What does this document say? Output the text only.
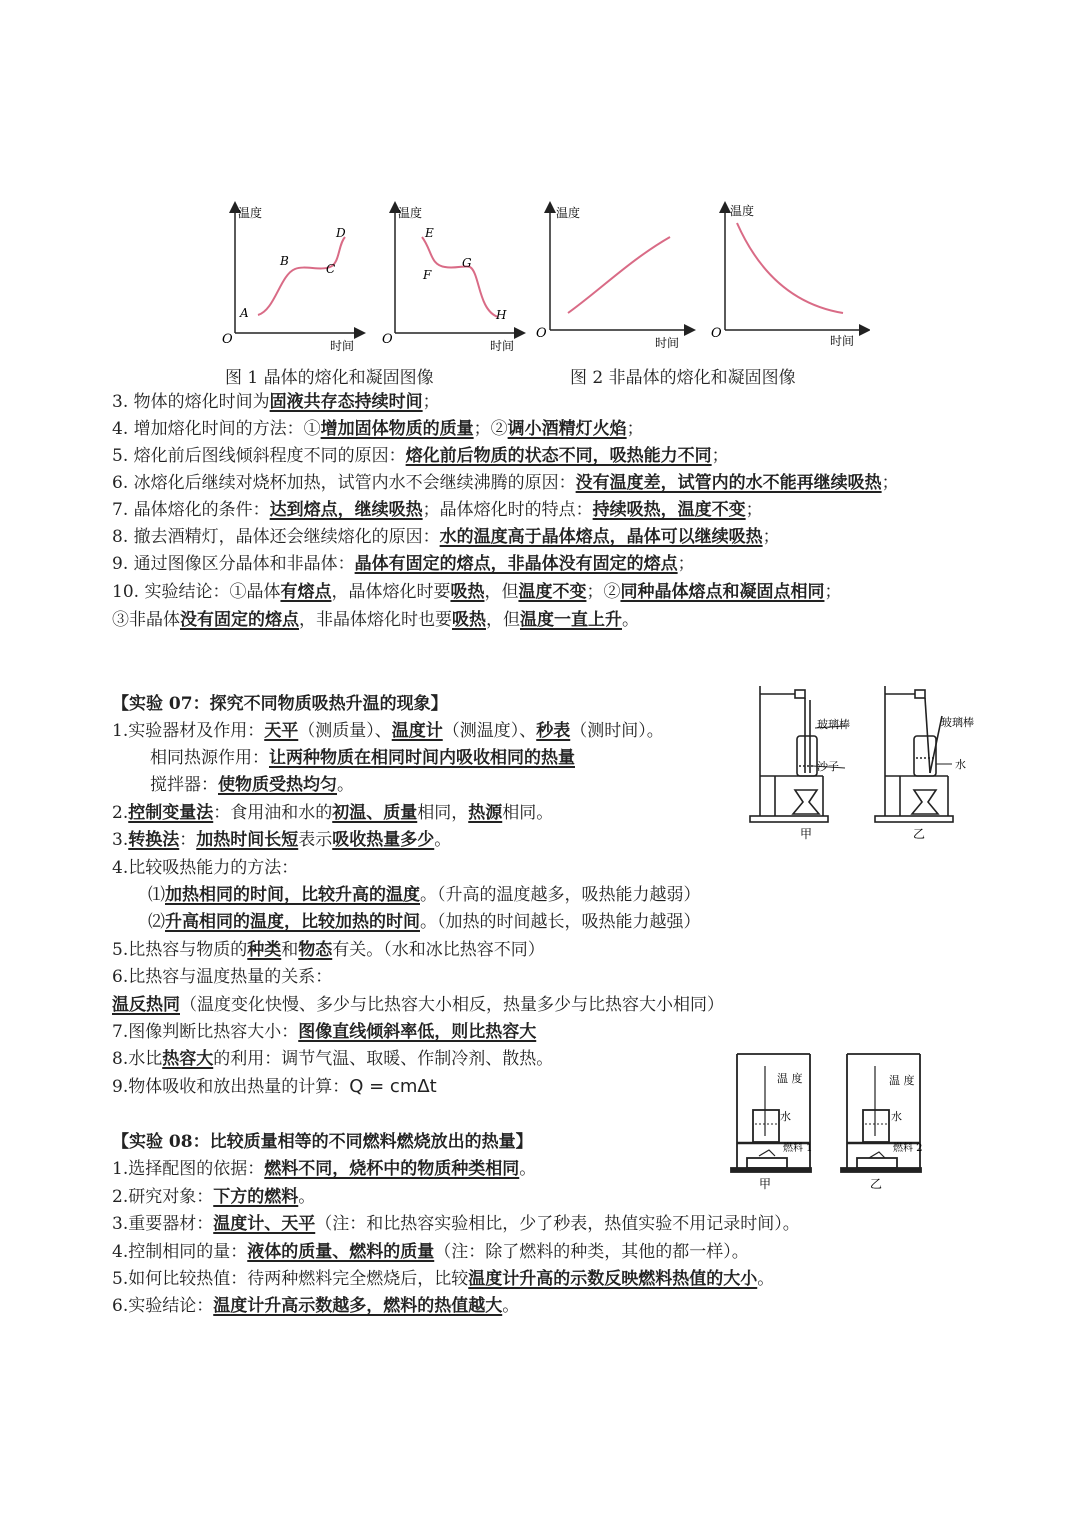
温度
时间
O
A
B
C
D
温度
时间
O
E
F
G
H
温度
时间
O
温度
时间
O
图 1 晶体的熔化和凝固图像	图 2 非晶体的熔化和凝固图像
3. 物体的熔化时间为固液共存态持续时间；
4. 增加熔化时间的方法：①增加固体物质的质量；②调小酒精灯火焰；
5. 熔化前后图线倾斜程度不同的原因：熔化前后物质的状态不同，吸热能力不同；
6. 冰熔化后继续对烧杯加热，试管内水不会继续沸腾的原因：没有温度差，试管内的水不能再继续吸热；
7. 晶体熔化的条件：达到熔点，继续吸热；晶体熔化时的特点：持续吸热，温度不变；
8. 撤去酒精灯，晶体还会继续熔化的原因：水的温度高于晶体熔点，晶体可以继续吸热；
9. 通过图像区分晶体和非晶体：晶体有固定的熔点，非晶体没有固定的熔点；
10. 实验结论：①晶体有熔点，晶体熔化时要吸热，但温度不变；②同种晶体熔点和凝固点相同；
③非晶体没有固定的熔点，非晶体熔化时也要吸热，但温度一直上升。
【实验 07：探究不同物质吸热升温的现象】
1.实验器材及作用：天平（测质量）、温度计（测温度）、秒表（测时间）。
相同热源作用：让两种物质在相同时间内吸收相同的热量
搅拌器：使物质受热均匀。
2.控制变量法：食用油和水的初温、质量相同，热源相同。
3.转换法：加热时间长短表示吸收热量多少。
4.比较吸热能力的方法：
⑴加热相同的时间，比较升高的温度。（升高的温度越多，吸热能力越弱）
⑵升高相同的温度，比较加热的时间。（加热的时间越长，吸热能力越强）
5.比热容与物质的种类和物态有关。（水和冰比热容不同）
6.比热容与温度热量的关系：
温反热同（温度变化快慢、多少与比热容大小相反，热量多少与比热容大小相同）
7.图像判断比热容大小：图像直线倾斜率低，则比热容大
8.水比热容大的利用：调节气温、取暖、作制冷剂、散热。
9.物体吸收和放出热量的计算：Q = cmΔt
玻璃棒
沙子
甲
玻璃棒
水
乙
【实验 08：比较质量相等的不同燃料燃烧放出的热量】
1.选择配图的依据：燃料不同，烧杯中的物质种类相同。
2.研究对象：下方的燃料。
3.重要器材：温度计、天平（注：和比热容实验相比，少了秒表，热值实验不用记录时间）。
4.控制相同的量：液体的质量、燃料的质量（注：除了燃料的种类，其他的都一样）。
5.如何比较热值：待两种燃料完全燃烧后，比较温度计升高的示数反映燃料热值的大小。
6.实验结论：温度计升高示数越多，燃料的热值越大。
温 度
水
燃料 1
甲
温 度
水
燃料 2
乙
